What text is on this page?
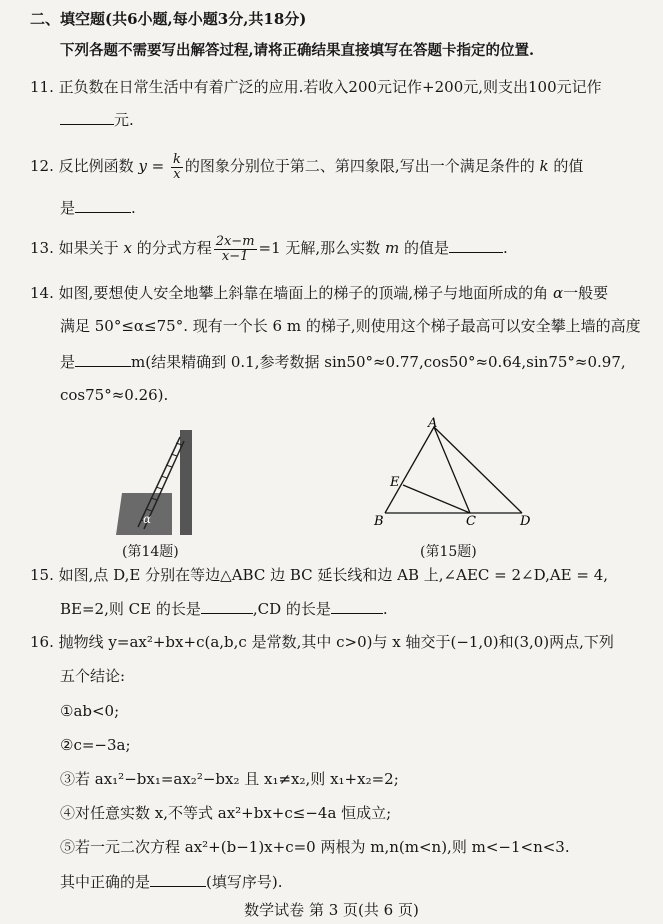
二、填空题(共6小题,每小题3分,共18分)
下列各题不需要写出解答过程,请将正确结果直接填写在答题卡指定的位置.
11. 正负数在日常生活中有着广泛的应用.若收入200元记作+200元,则支出100元记作
元.
12. 反比例函数 $y = \frac{k}{x}$ 的图象分别位于第二、第四象限,写出一个满足条件的 k 的值
是	.
13. 如果关于 x 的分式方程 $\frac{2x-m}{x-1} =1$ 无解,那么实数 m 的值是	.
14. 如图,要想使人安全地攀上斜靠在墙面上的梯子的顶端,梯子与地面所成的角 α一般要
满足 50°≤α≤75°. 现有一个长 6 m 的梯子,则使用这个梯子最高可以安全攀上墙的高度
是	m(结果精确到 0.1,参考数据 sin50°≈0.77,cos50°≈0.64,sin75°≈0.97,
cos75°≈0.26).
α
(第14题)
A
B	C	D
E
(第15题)
15. 如图,点 D,E 分别在等边△ABC 边 BC 延长线和边 AB 上,∠AEC = 2∠D,AE = 4,
BE=2,则 CE 的长是	,CD 的长是	.
16. 抛物线 y=ax²+bx+c(a,b,c 是常数,其中 c>0)与 x 轴交于(−1,0)和(3,0)两点,下列
五个结论:
①ab<0;
②c=−3a;
③若 ax₁²−bx₁=ax₂²−bx₂ 且 x₁≠x₂,则 x₁+x₂=2;
④对任意实数 x,不等式 ax²+bx+c≤−4a 恒成立;
⑤若一元二次方程 ax²+(b−1)x+c=0 两根为 m,n(m<n),则 m<−1<n<3.
其中正确的是	(填写序号).
数学试卷 第 3 页(共 6 页)
